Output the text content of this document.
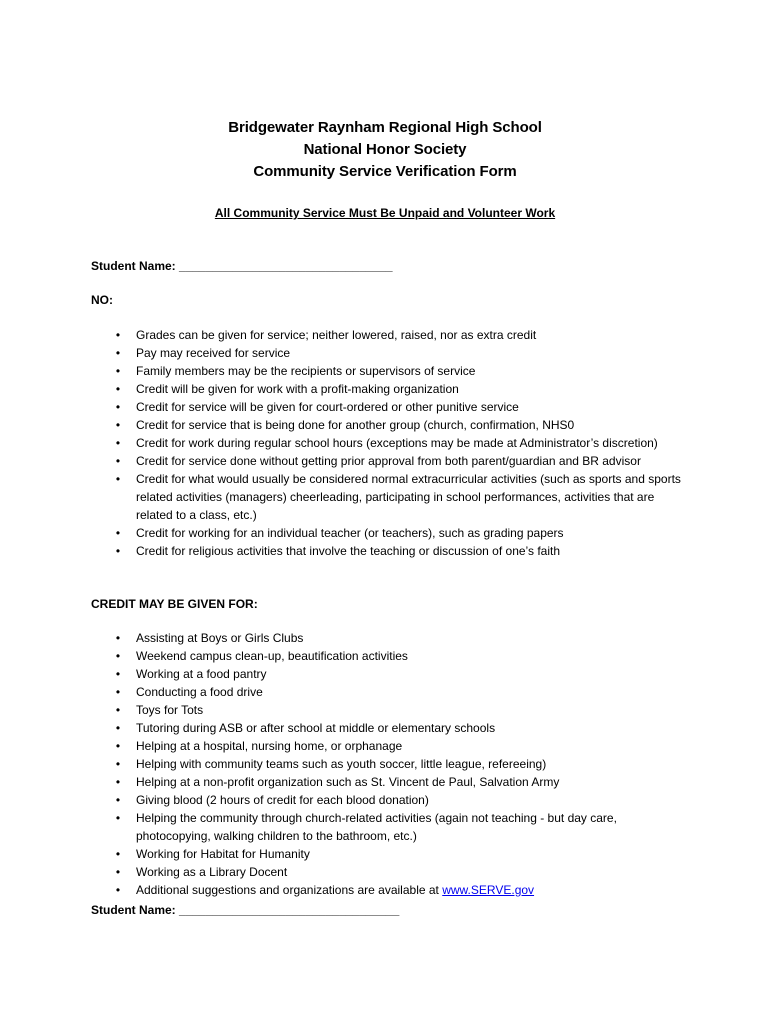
Bridgewater Raynham Regional High School
National Honor Society
Community Service Verification Form
All Community Service Must Be Unpaid and Volunteer Work
Student Name: ________________________________
NO:
• Grades can be given for service; neither lowered, raised, nor as extra credit
• Pay may received for service
• Family members may be the recipients or supervisors of service
• Credit will be given for work with a profit-making organization
• Credit for service will be given for court-ordered or other punitive service
• Credit for service that is being done for another group (church, confirmation, NHS0
• Credit for work during regular school hours (exceptions may be made at Administrator’s discretion)
• Credit for service done without getting prior approval from both parent/guardian and BR advisor
• Credit for what would usually be considered normal extracurricular activities (such as sports and sports related activities (managers) cheerleading, participating in school performances, activities that are related to a class, etc.)
• Credit for working for an individual teacher (or teachers), such as grading papers
• Credit for religious activities that involve the teaching or discussion of one’s faith
CREDIT MAY BE GIVEN FOR:
• Assisting at Boys or Girls Clubs
• Weekend campus clean-up, beautification activities
• Working at a food pantry
• Conducting a food drive
• Toys for Tots
• Tutoring during ASB or after school at middle or elementary schools
• Helping at a hospital, nursing home, or orphanage
• Helping with community teams such as youth soccer, little league, refereeing)
• Helping at a non-profit organization such as St. Vincent de Paul, Salvation Army
• Giving blood (2 hours of credit for each blood donation)
• Helping the community through church-related activities (again not teaching - but day care, photocopying, walking children to the bathroom, etc.)
• Working for Habitat for Humanity
• Working as a Library Docent
• Additional suggestions and organizations are available at www.SERVE.gov
Student Name: _________________________________
